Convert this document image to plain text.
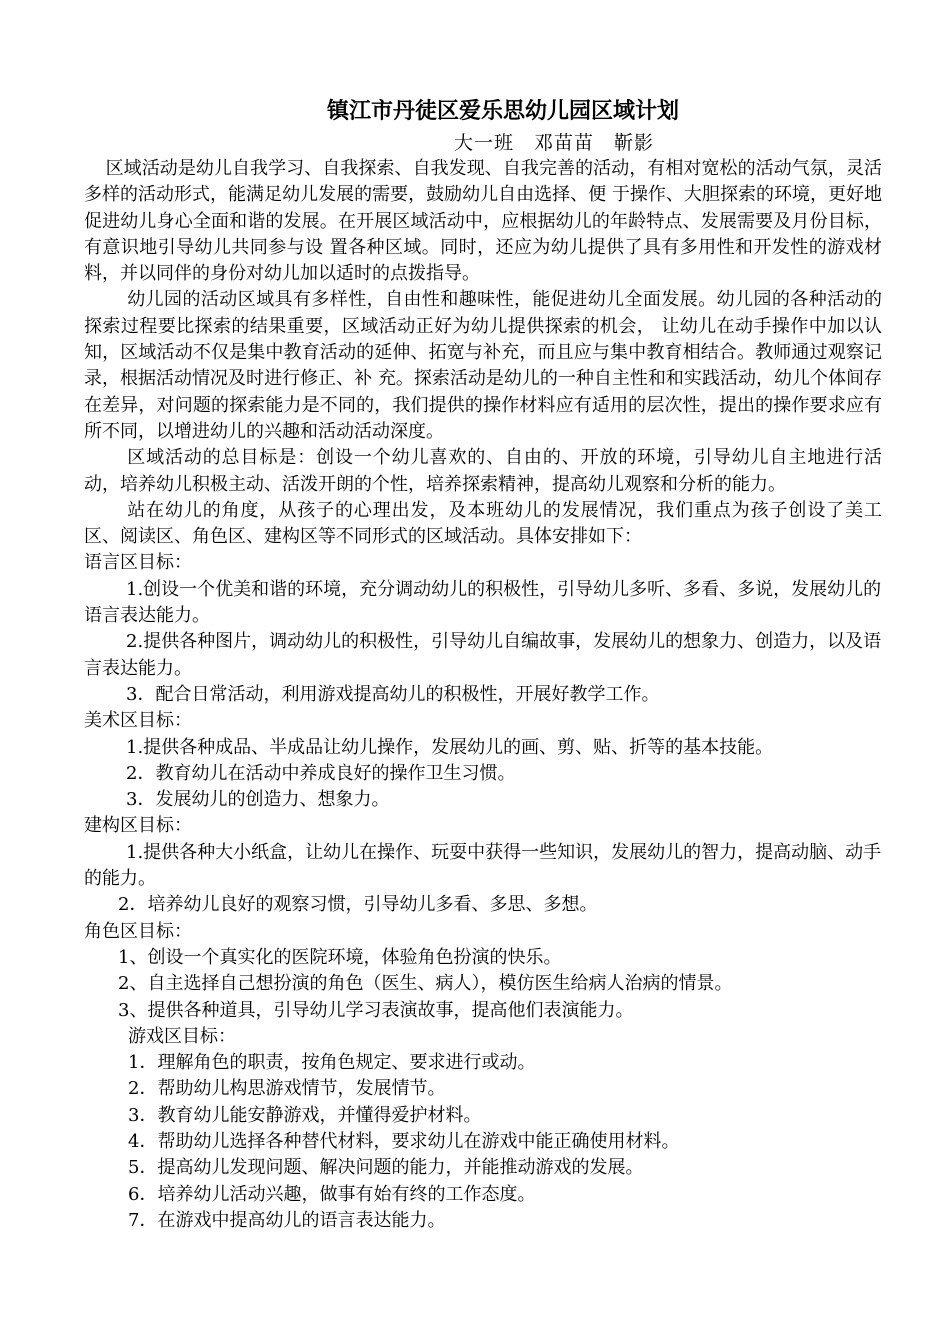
镇江市丹徒区爱乐思幼儿园区域计划

大一班　邓苗苗　靳影

区域活动是幼儿自我学习、自我探索、自我发现、自我完善的活动，有相对宽松的活动气氛，灵活多样的活动形式，能满足幼儿发展的需要，鼓励幼儿自由选择、便 于操作、大胆探索的环境，更好地促进幼儿身心全面和谐的发展。在开展区域活动中，应根据幼儿的年龄特点、发展需要及月份目标，有意识地引导幼儿共同参与设 置各种区域。同时，还应为幼儿提供了具有多用性和开发性的游戏材料，并以同伴的身份对幼儿加以适时的点拨指导。

幼儿园的活动区域具有多样性，自由性和趣味性，能促进幼儿全面发展。幼儿园的各种活动的探索过程要比探索的结果重要，区域活动正好为幼儿提供探索的机会， 让幼儿在动手操作中加以认知，区域活动不仅是集中教育活动的延伸、拓宽与补充，而且应与集中教育相结合。教师通过观察记录，根据活动情况及时进行修正、补 充。探索活动是幼儿的一种自主性和和实践活动，幼儿个体间存在差异，对问题的探索能力是不同的，我们提供的操作材料应有适用的层次性，提出的操作要求应有 所不同，以增进幼儿的兴趣和活动活动深度。

区域活动的总目标是：创设一个幼儿喜欢的、自由的、开放的环境，引导幼儿自主地进行活动，培养幼儿积极主动、活泼开朗的个性，培养探索精神，提高幼儿观察和分析的能力。

站在幼儿的角度，从孩子的心理出发，及本班幼儿的发展情况，我们重点为孩子创设了美工区、阅读区、角色区、建构区等不同形式的区域活动。具体安排如下：

语言区目标：

1.创设一个优美和谐的环境，充分调动幼儿的积极性，引导幼儿多听、多看、多说，发展幼儿的语言表达能力。

2.提供各种图片，调动幼儿的积极性，引导幼儿自编故事，发展幼儿的想象力、创造力，以及语言表达能力。

3．配合日常活动，利用游戏提高幼儿的积极性，开展好教学工作。

美术区目标：

1.提供各种成品、半成品让幼儿操作，发展幼儿的画、剪、贴、折等的基本技能。

2．教育幼儿在活动中养成良好的操作卫生习惯。

3．发展幼儿的创造力、想象力。

建构区目标：

1.提供各种大小纸盒，让幼儿在操作、玩耍中获得一些知识，发展幼儿的智力，提高动脑、动手的能力。

2．培养幼儿良好的观察习惯，引导幼儿多看、多思、多想。

角色区目标：

1、创设一个真实化的医院环境，体验角色扮演的快乐。

2、自主选择自己想扮演的角色（医生、病人），模仿医生给病人治病的情景。

3、提供各种道具，引导幼儿学习表演故事，提高他们表演能力。

游戏区目标：

1．理解角色的职责，按角色规定、要求进行或动。

2．帮助幼儿构思游戏情节，发展情节。

3．教育幼儿能安静游戏，并懂得爱护材料。

4．帮助幼儿选择各种替代材料，要求幼儿在游戏中能正确使用材料。

5．提高幼儿发现问题、解决问题的能力，并能推动游戏的发展。

6．培养幼儿活动兴趣，做事有始有终的工作态度。

7．在游戏中提高幼儿的语言表达能力。
